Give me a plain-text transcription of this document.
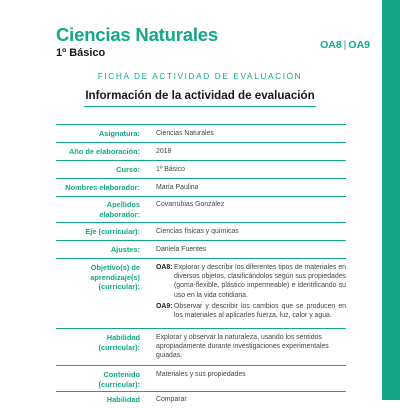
Ciencias Naturales
1º Básico
OA8 | OA9
FICHA DE ACTIVIDAD DE EVALUACIÓN
Información de la actividad de evaluación
Asignatura: Ciencias Naturales
Año de elaboración: 2018
Curso: 1º Básico
Nombres elaborador: María Paulina
Apellidos
elaborador:
Covarrubias González
Eje (curricular): Ciencias físicas y químicas
Ajustes: Daniela Fuentes
Objetivo(s) de
aprendizaje(s)
(curricular):
OA8: Explorar y describir los diferentes tipos de materiales en diversos objetos, clasificándolos según sus propiedades (goma-flexible, plástico impermeable) e identificando su uso en la vida cotidiana.
OA9: Observar y describir los cambios que se producen en los materiales al aplicarles fuerza, luz, calor y agua.
Habilidad
(curricular):
Explorar y observar la naturaleza, usando los sentidos apropiadamente durante investigaciones experimentales guiadas.
Contenido
(curricular):
Materiales y sus propiedades
Habilidad Comparar
